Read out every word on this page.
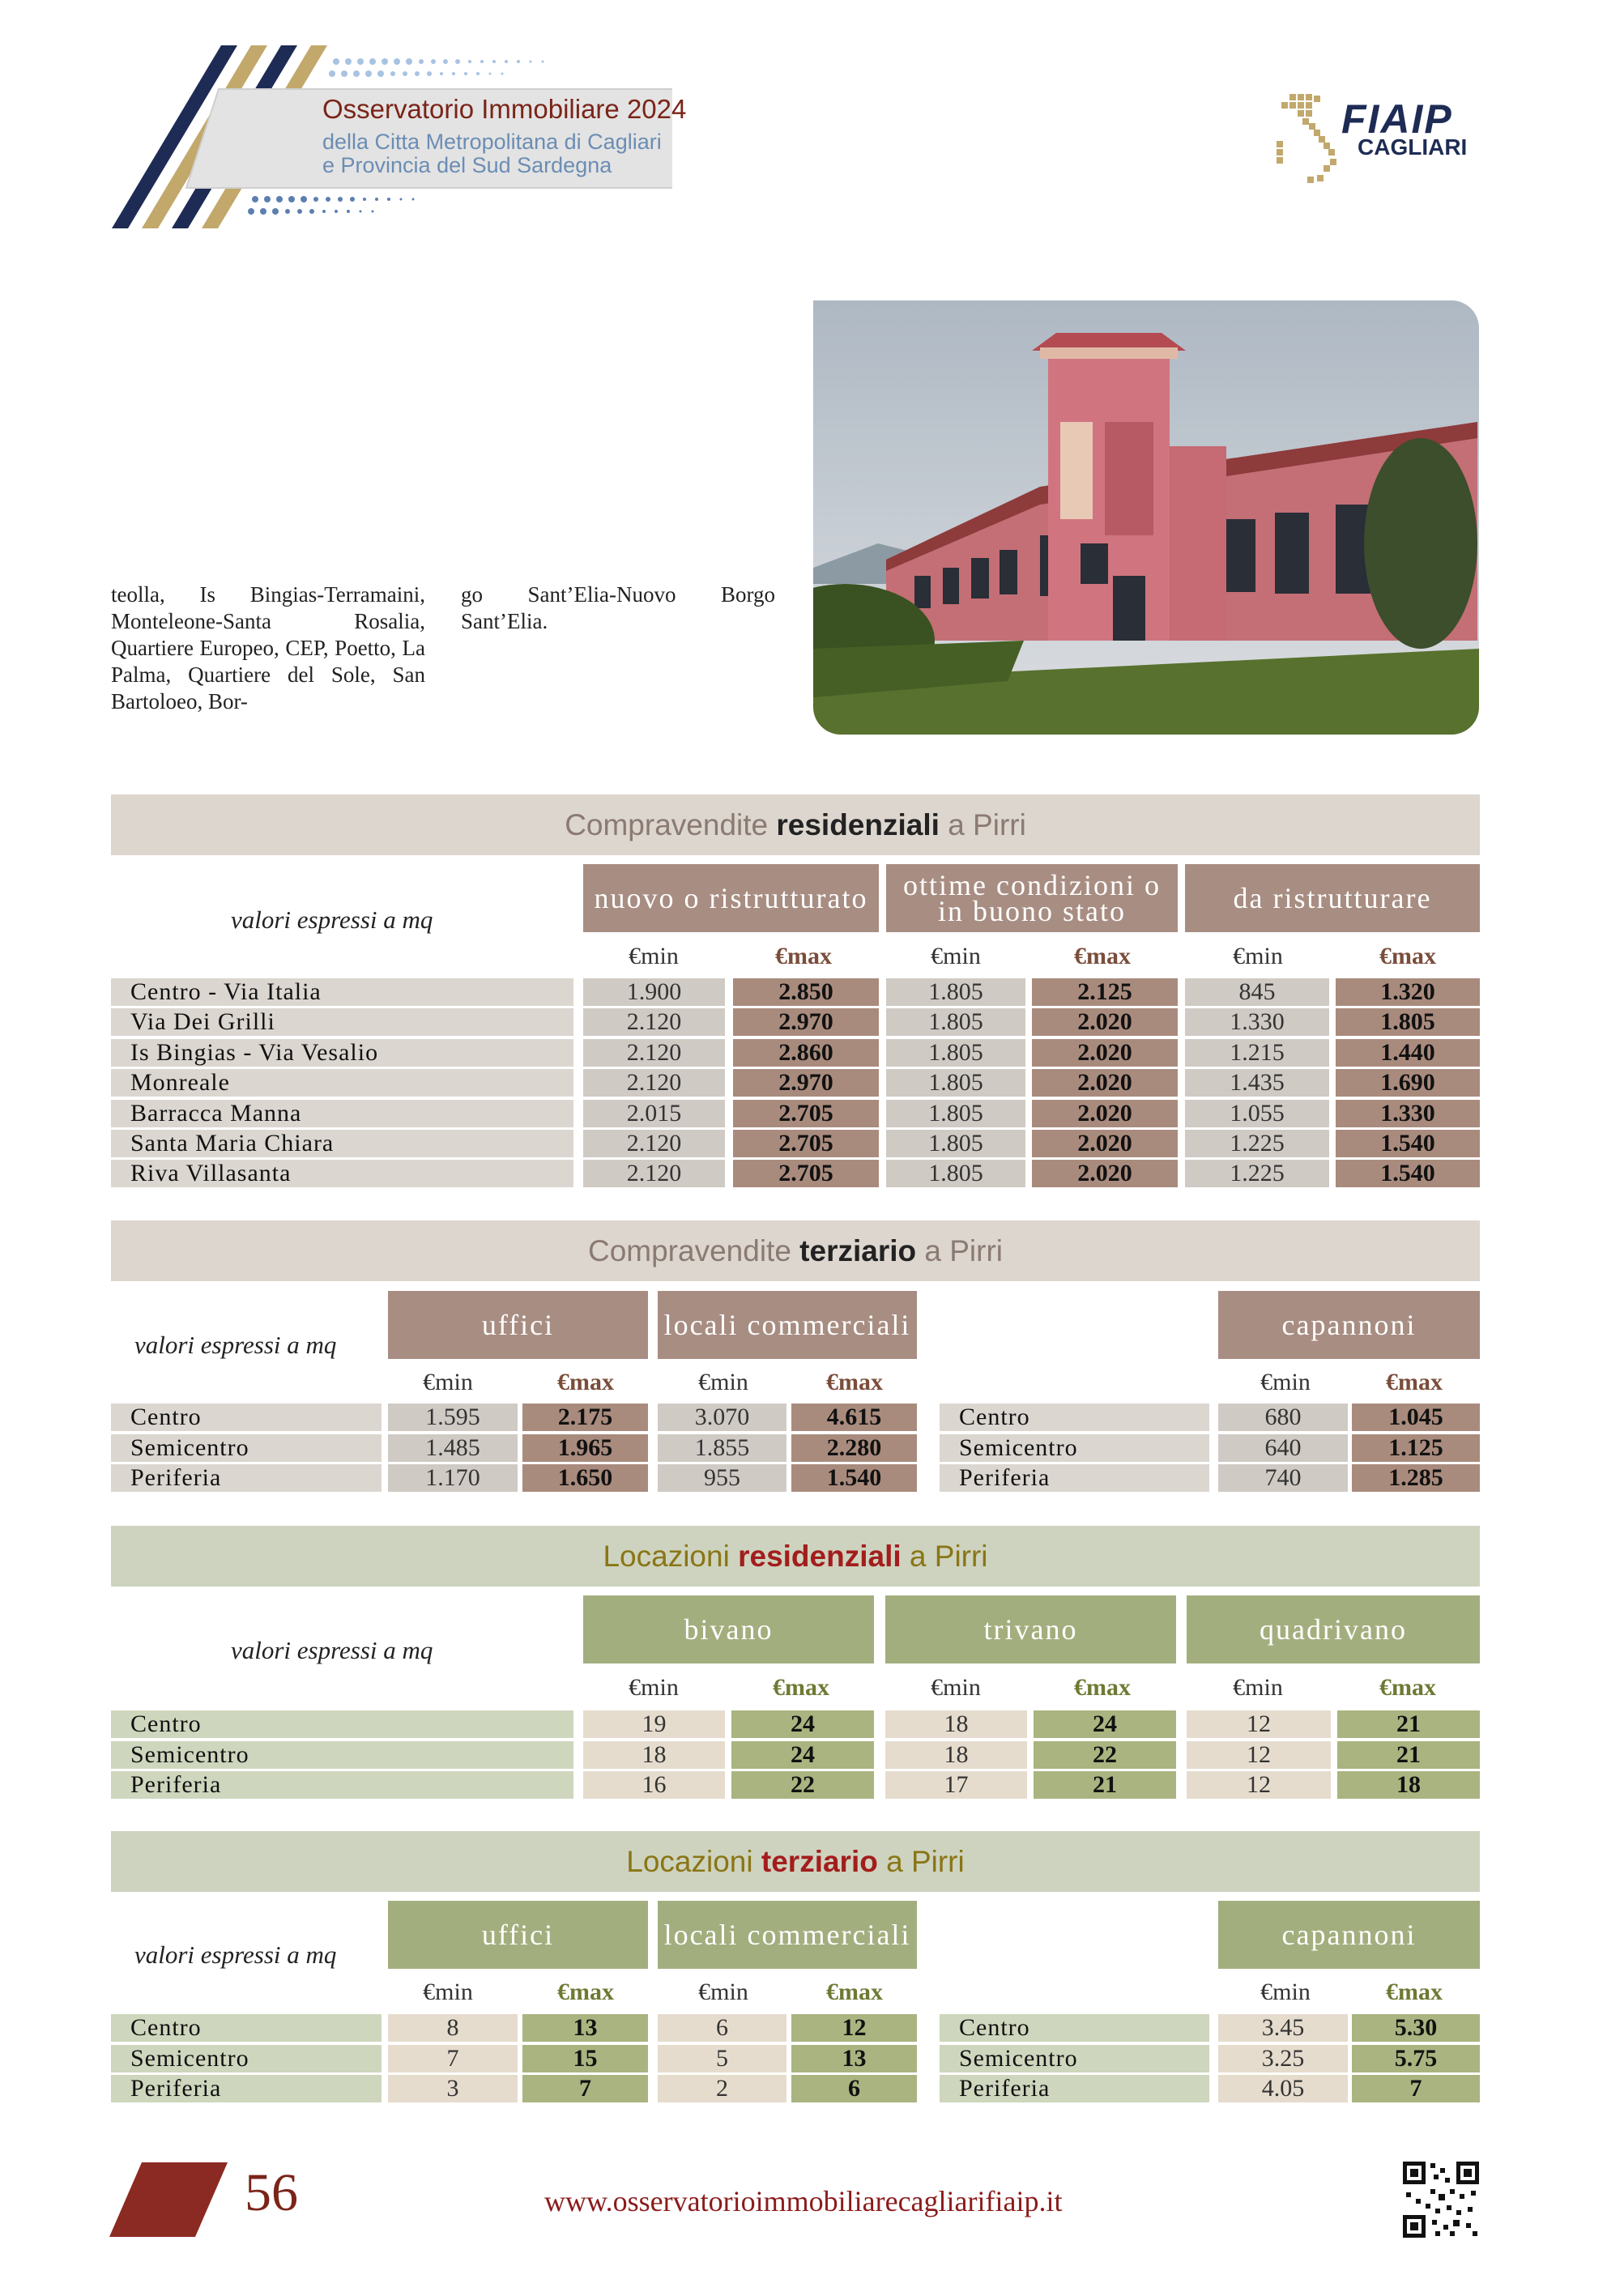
Osservatorio Immobiliare 2024
della Citta Metropolitana di Cagliari
e Provincia del Sud Sardegna
FIAIP
CAGLIARI
teolla, Is Bingias-Terramaini, Monteleone-Santa Rosalia, Quartiere Europeo, CEP, Poetto, La Palma, Quartiere del Sole, San Bartoloeo, Bor-
go Sant’Elia-Nuovo Borgo Sant’Elia.
Compravendite residenziali a Pirri
valori espressi a mq
nuovo o ristrutturato	ottime condizioni o in buono stato	da ristrutturare
€min	€max	€min	€max	€min	€max
Centro - Via Italia	1.900	2.850	1.805	2.125	845	1.320
Via Dei Grilli	2.120	2.970	1.805	2.020	1.330	1.805
Is Bingias - Via Vesalio	2.120	2.860	1.805	2.020	1.215	1.440
Monreale	2.120	2.970	1.805	2.020	1.435	1.690
Barracca Manna	2.015	2.705	1.805	2.020	1.055	1.330
Santa Maria Chiara	2.120	2.705	1.805	2.020	1.225	1.540
Riva Villasanta	2.120	2.705	1.805	2.020	1.225	1.540
Compravendite terziario a Pirri
valori espressi a mq
uffici	locali commerciali	capannoni
€min	€max	€min	€max	€min	€max
Centro	1.595	2.175	3.070	4.615	Centro	680	1.045
Semicentro	1.485	1.965	1.855	2.280	Semicentro	640	1.125
Periferia	1.170	1.650	955	1.540	Periferia	740	1.285
Locazioni residenziali a Pirri
valori espressi a mq
bivano	trivano	quadrivano
€min	€max	€min	€max	€min	€max
Centro	19	24	18	24	12	21
Semicentro	18	24	18	22	12	21
Periferia	16	22	17	21	12	18
Locazioni terziario a Pirri
valori espressi a mq
uffici	locali commerciali	capannoni
€min	€max	€min	€max	€min	€max
Centro	8	13	6	12	Centro	3.45	5.30
Semicentro	7	15	5	13	Semicentro	3.25	5.75
Periferia	3	7	2	6	Periferia	4.05	7
56	www.osservatorioimmobiliarecagliarifiaip.it
